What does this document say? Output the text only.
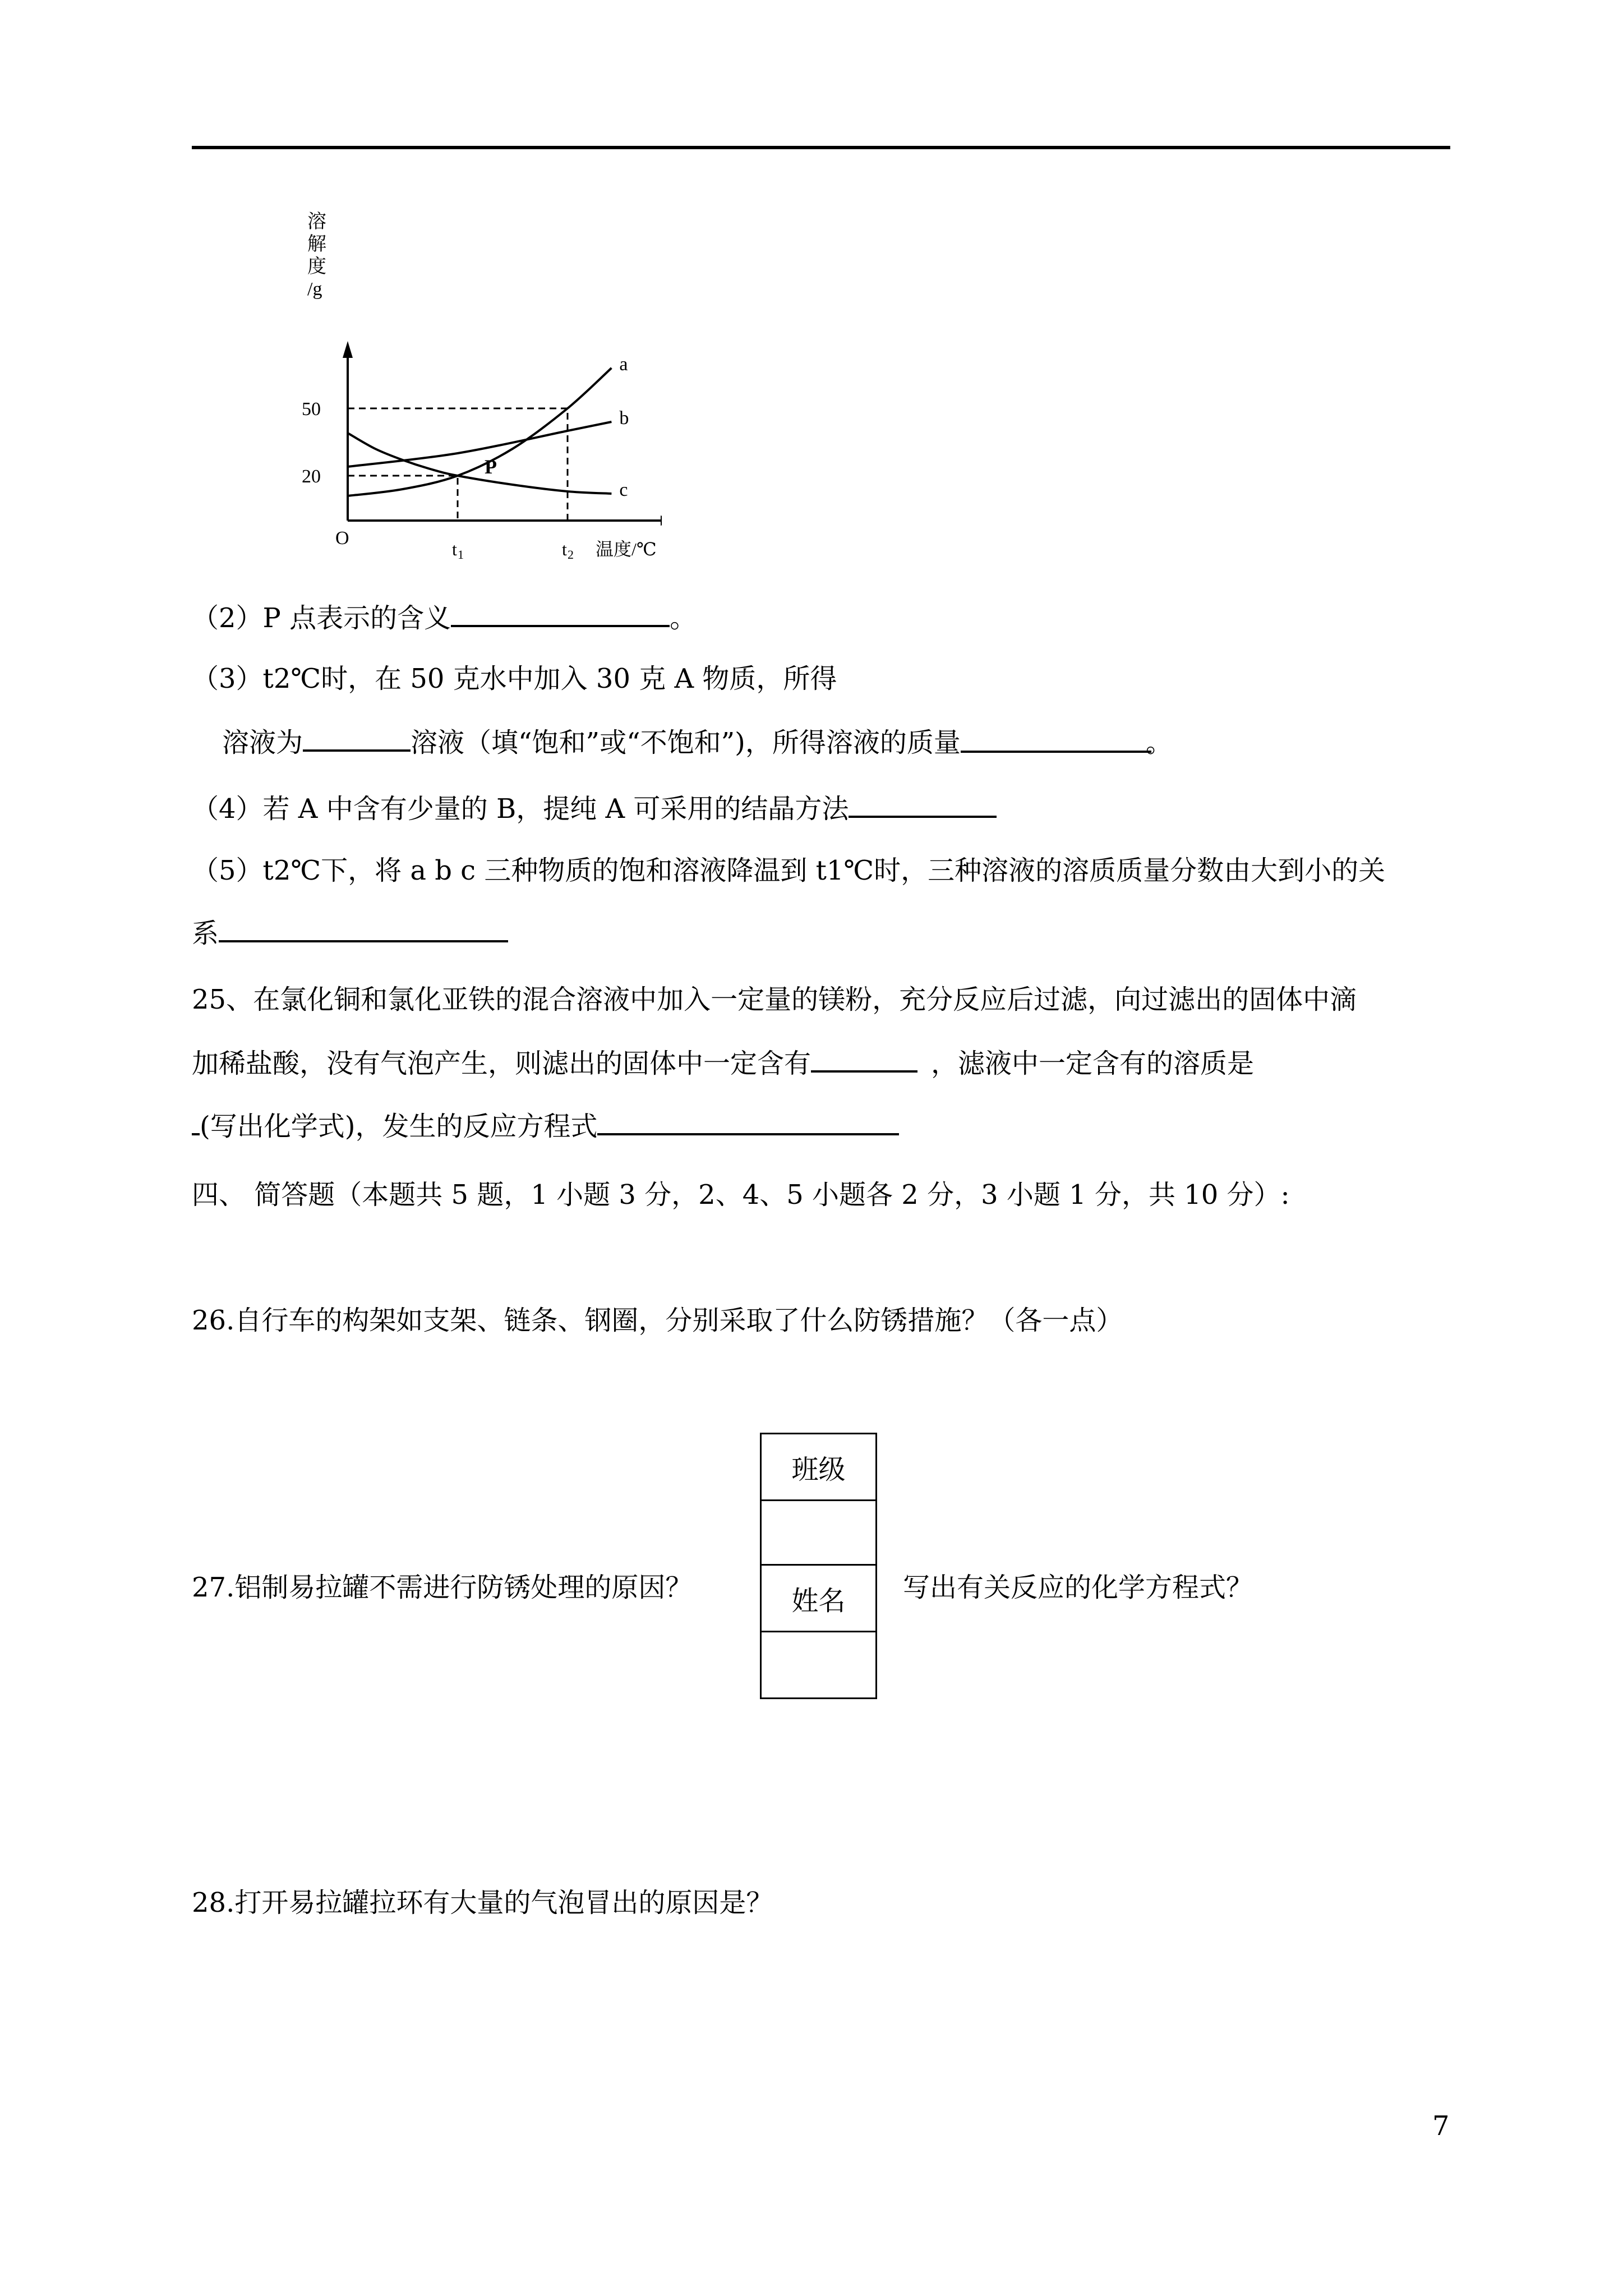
溶
解
度
/g
a
b
c
20
50
O
t 1	t 2 温度/℃
P
（2）P 点表示的含义	。
（3）t2℃时，在 50 克水中加入 30 克 A 物质，所得
溶液为	溶液（填“饱和”或“不饱和”)，所得溶液的质量	。
（4）若 A 中含有少量的 B，提纯 A 可采用的结晶方法
（5）t2℃下，将 a b c 三种物质的饱和溶液降温到 t1℃时，三种溶液的溶质质量分数由大到小的关
系
25、在氯化铜和氯化亚铁的混合溶液中加入一定量的镁粉，充分反应后过滤，向过滤出的固体中滴
加稀盐酸，没有气泡产生，则滤出的固体中一定含有	，滤液中一定含有的溶质是
(写出化学式)，发生的反应方程式
四、 简答题（本题共 5 题，1 小题 3 分，2、4、5 小题各 2 分，3 小题 1 分，共 10 分）:
26.自行车的构架如支架、链条、钢圈，分别采取了什么防锈措施？（各一点）
班级
姓名
27.铝制易拉罐不需进行防锈处理的原因？	写出有关反应的化学方程式？
28.打开易拉罐拉环有大量的气泡冒出的原因是？
7
